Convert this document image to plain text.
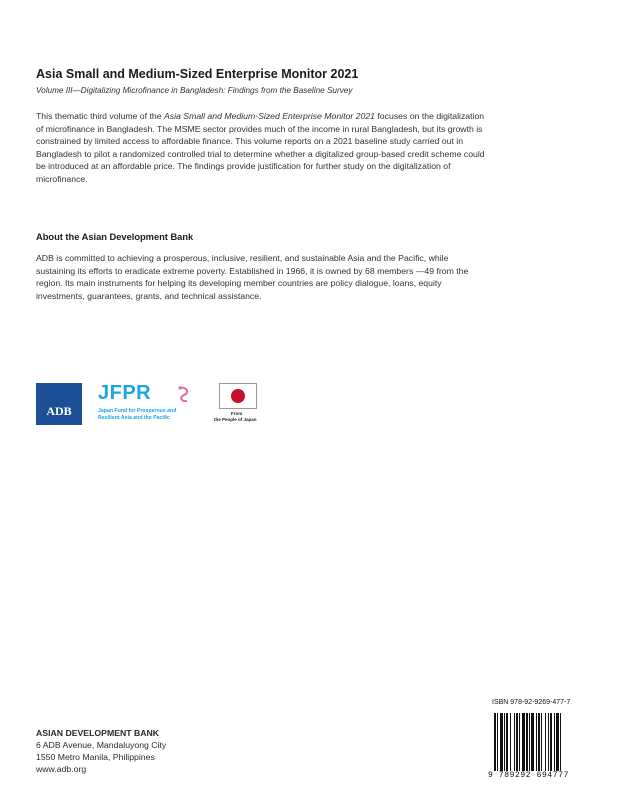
Asia Small and Medium-Sized Enterprise Monitor 2021
Volume III—Digitalizing Microfinance in Bangladesh: Findings from the Baseline Survey

This thematic third volume of the Asia Small and Medium-Sized Enterprise Monitor 2021 focuses on the digitalization of microfinance in Bangladesh. The MSME sector provides much of the income in rural Bangladesh, but its growth is constrained by limited access to affordable finance. This volume reports on a 2021 baseline study carried out in Bangladesh to pilot a randomized controlled trial to determine whether a digitalized group-based credit scheme could be introduced at an affordable price. The findings provide justification for further study on the digitalization of microfinance.

About the Asian Development Bank

ADB is committed to achieving a prosperous, inclusive, resilient, and sustainable Asia and the Pacific, while sustaining its efforts to eradicate extreme poverty. Established in 1966, it is owned by 68 members —49 from the region. Its main instruments for helping its developing member countries are policy dialogue, loans, equity investments, guarantees, grants, and technical assistance.

ADB
JFPR
Japan Fund for Prosperous and
Resilient Asia and the Pacific
From
the People of Japan
ASIAN DEVELOPMENT BANK
6 ADB Avenue, Mandaluyong City
1550 Metro Manila, Philippines
www.adb.org
ISBN 978-92-9269-477-7
9 789292 694777
